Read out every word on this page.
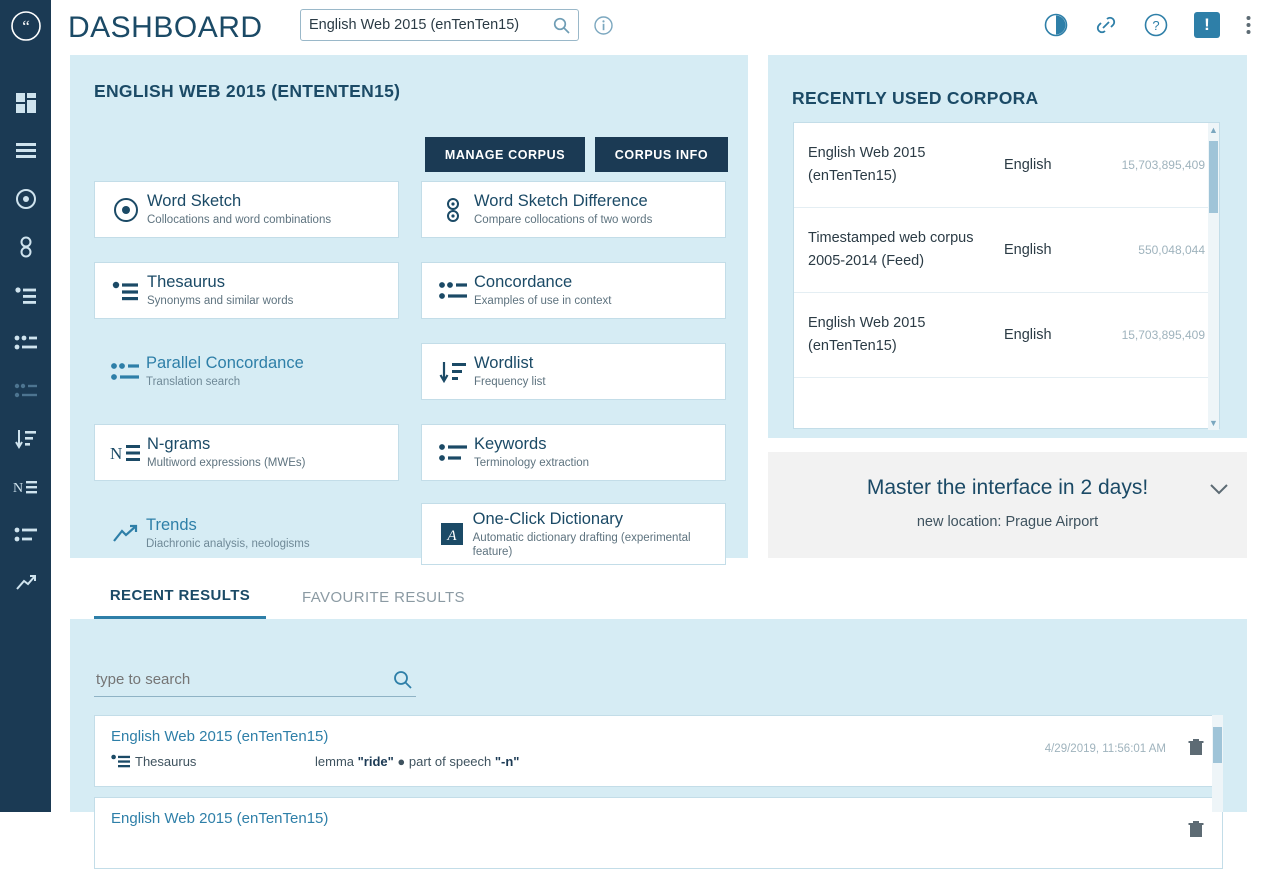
“
N
DASHBOARD
English Web 2015 (enTenTen15)	?	!
ENGLISH WEB 2015 (ENTENTEN15)
MANAGE CORPUS	CORPUS INFO
Word Sketch
Collocations and word combinations
Word Sketch Difference
Compare collocations of two words
Thesaurus
Synonyms and similar words
Concordance
Examples of use in context
Parallel Concordance
Translation search
Wordlist
Frequency list
N N-grams
Multiword expressions (MWEs)
Keywords
Terminology extraction
Trends
Diachronic analysis, neologisms	A
One-Click Dictionary
Automatic dictionary drafting (experimental feature)
RECENTLY USED CORPORA
English Web 2015 (enTenTen15)
English	15,703,895,409
Timestamped web corpus 2005-2014 (Feed)
English	550,048,044
English Web 2015 (enTenTen15)
English	15,703,895,409
▲
▼
Master the interface in 2 days!
new location: Prague Airport
RECENT RESULTS	FAVOURITE RESULTS
type to search
English Web 2015 (enTenTen15)
Thesaurus	lemma "ride" ● part of speech "-n"
4/29/2019, 11:56:01 AM
English Web 2015 (enTenTen15)
